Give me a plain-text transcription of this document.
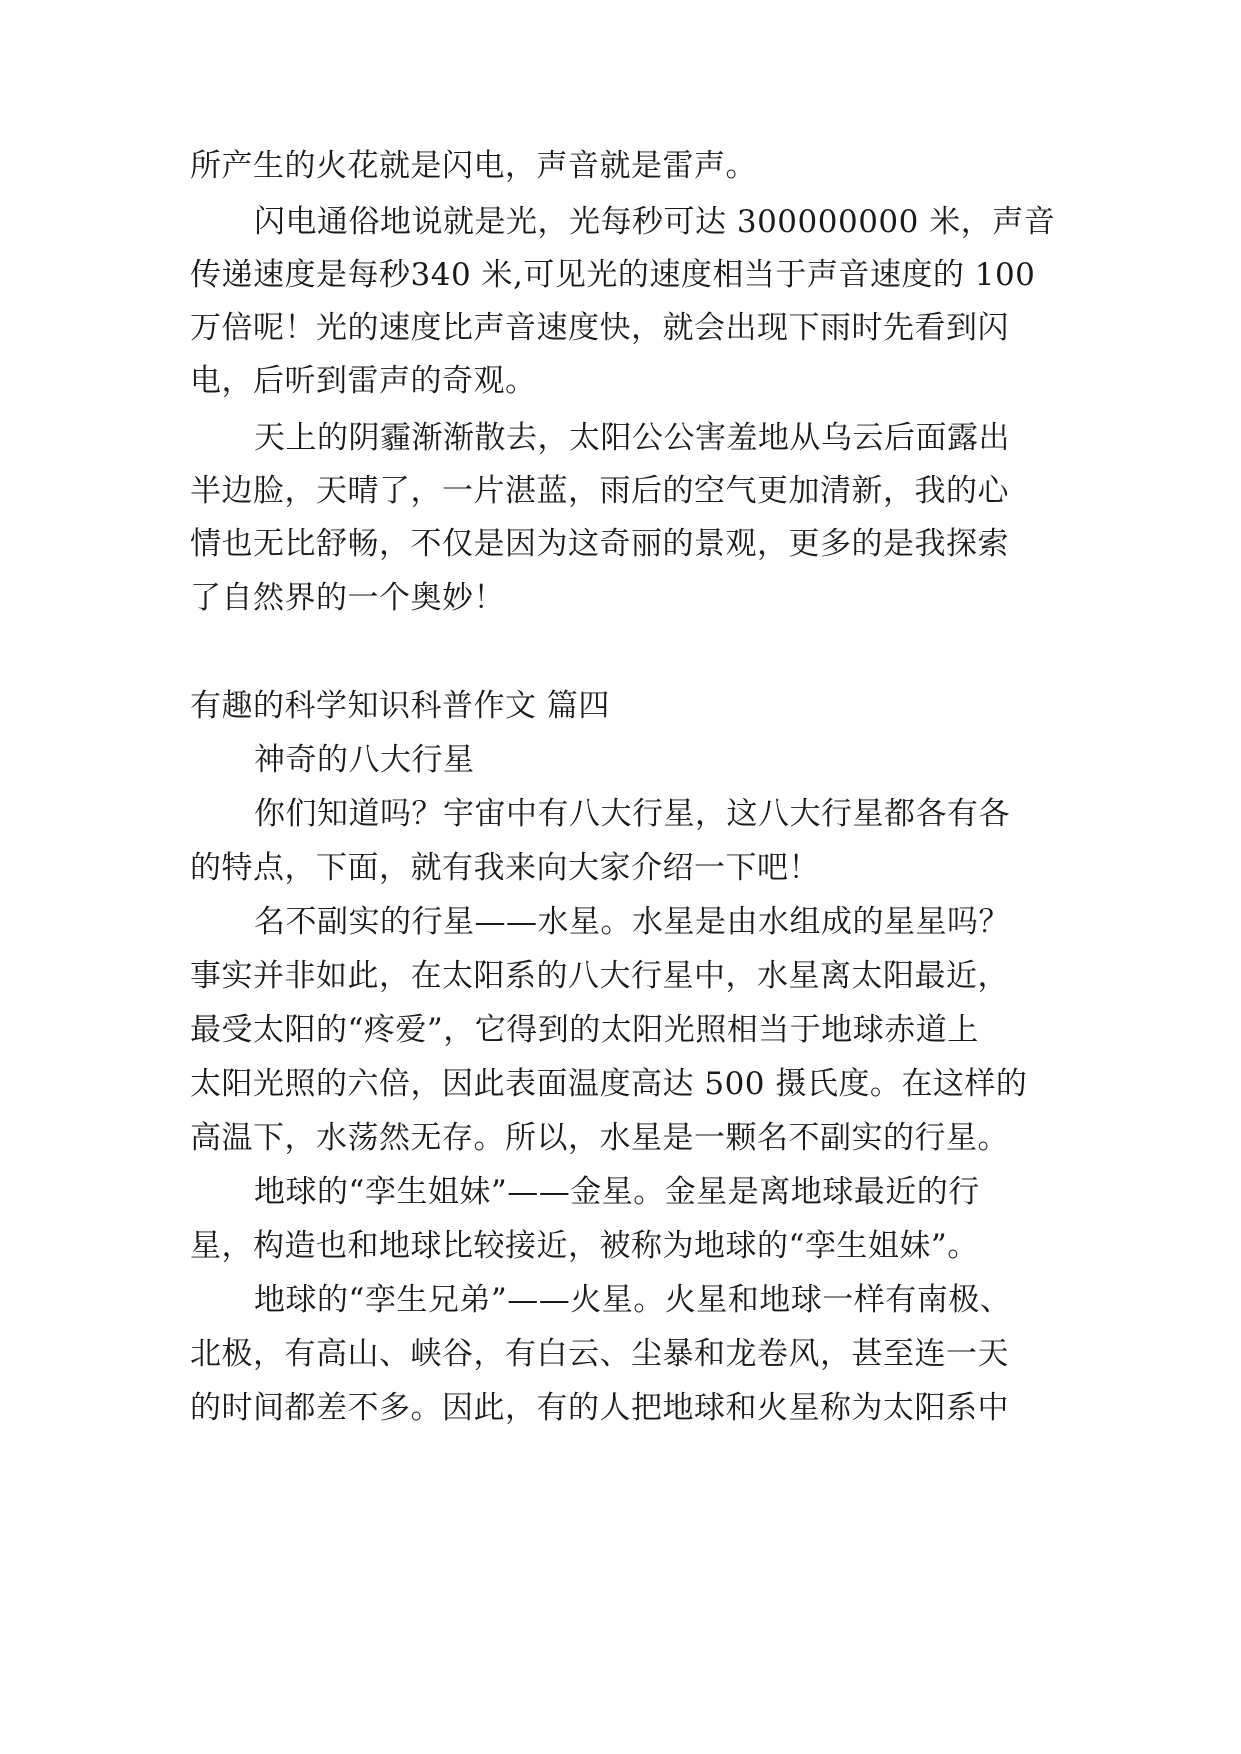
所产生的火花就是闪电，声音就是雷声。
闪电通俗地说就是光，光每秒可达 300000000 米，声音
传递速度是每秒340 米,可见光的速度相当于声音速度的 100
万倍呢！光的速度比声音速度快，就会出现下雨时先看到闪
电，后听到雷声的奇观。
天上的阴霾渐渐散去，太阳公公害羞地从乌云后面露出
半边脸，天晴了，一片湛蓝，雨后的空气更加清新，我的心
情也无比舒畅，不仅是因为这奇丽的景观，更多的是我探索
了自然界的一个奥妙！
有趣的科学知识科普作文 篇四
神奇的八大行星
你们知道吗？宇宙中有八大行星，这八大行星都各有各
的特点，下面，就有我来向大家介绍一下吧！
名不副实的行星——水星。水星是由水组成的星星吗？
事实并非如此，在太阳系的八大行星中，水星离太阳最近，
最受太阳的“疼爱”，它得到的太阳光照相当于地球赤道上
太阳光照的六倍，因此表面温度高达 500 摄氏度。在这样的
高温下，水荡然无存。所以，水星是一颗名不副实的行星。
地球的“孪生姐妹”——金星。金星是离地球最近的行
星，构造也和地球比较接近，被称为地球的“孪生姐妹”。
地球的“孪生兄弟”——火星。火星和地球一样有南极、
北极，有高山、峡谷，有白云、尘暴和龙卷风，甚至连一天
的时间都差不多。因此，有的人把地球和火星称为太阳系中
